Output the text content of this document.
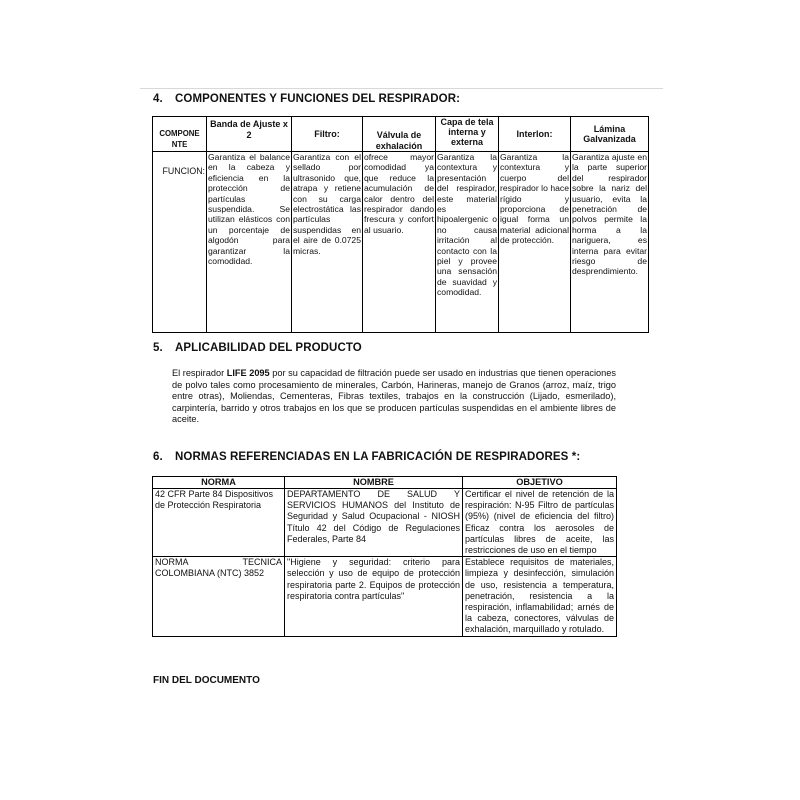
4. COMPONENTES Y FUNCIONES DEL RESPIRADOR:
COMPONE NTE	Banda de Ajuste x 2	Filtro:	Válvula de exhalación	Capa de tela interna y externa	Interlon:	Lámina Galvanizada
FUNCION:	Garantiza el balance en la cabeza y eficiencia en la protección de partículas suspendida. Se utilizan elásticos con un porcentaje de algodón para garantizar la comodidad.	Garantiza con el sellado por ultrasonido que, atrapa y retiene con su carga electrostática las partículas suspendidas en el aire de 0.0725 micras.	ofrece mayor comodidad ya que reduce la acumulación de calor dentro del respirador dando frescura y confort al usuario.	Garantiza la contextura y presentación del respirador, este material es hipoalergenic o no causa irritación al contacto con la piel y provee una sensación de suavidad y comodidad.	Garantiza la contextura y cuerpo del respirador lo hace rígido y proporciona de igual forma un material adicional de protección.	Garantiza ajuste en la parte superior del respirador sobre la nariz del usuario, evita la penetración de polvos permite la horma a la nariguera, es interna para evitar riesgo de desprendimiento.
5. APLICABILIDAD DEL PRODUCTO
El respirador LIFE 2095 por su capacidad de filtración puede ser usado en industrias que tienen operaciones de polvo tales como procesamiento de minerales, Carbón, Harineras, manejo de Granos (arroz, maíz, trigo entre otras), Moliendas, Cementeras, Fibras textiles, trabajos en la construcción (Lijado, esmerilado), carpintería, barrido y otros trabajos en los que se producen partículas suspendidas en el ambiente libres de aceite.
6. NORMAS REFERENCIADAS EN LA FABRICACIÓN DE RESPIRADORES *:
NORMA	NOMBRE	OBJETIVO
42 CFR Parte 84 Dispositivos de Protección Respiratoria	DEPARTAMENTO DE SALUD Y SERVICIOS HUMANOS del Instituto de Seguridad y Salud Ocupacional - NIOSH Título 42 del Código de Regulaciones Federales, Parte 84	Certificar el nivel de retención de la respiración: N-95 Filtro de partículas (95%) (nivel de eficiencia del filtro) Eficaz contra los aerosoles de partículas libres de aceite, las restricciones de uso en el tiempo
NORMA TECNICA COLOMBIANA (NTC) 3852	"Higiene y seguridad: criterio para selección y uso de equipo de protección respiratoria parte 2. Equipos de protección respiratoria contra partículas"	Establece requisitos de materiales, limpieza y desinfección, simulación de uso, resistencia a temperatura, penetración, resistencia a la respiración, inflamabilidad; arnés de la cabeza, conectores, válvulas de exhalación, marquillado y rotulado.
FIN DEL DOCUMENTO
